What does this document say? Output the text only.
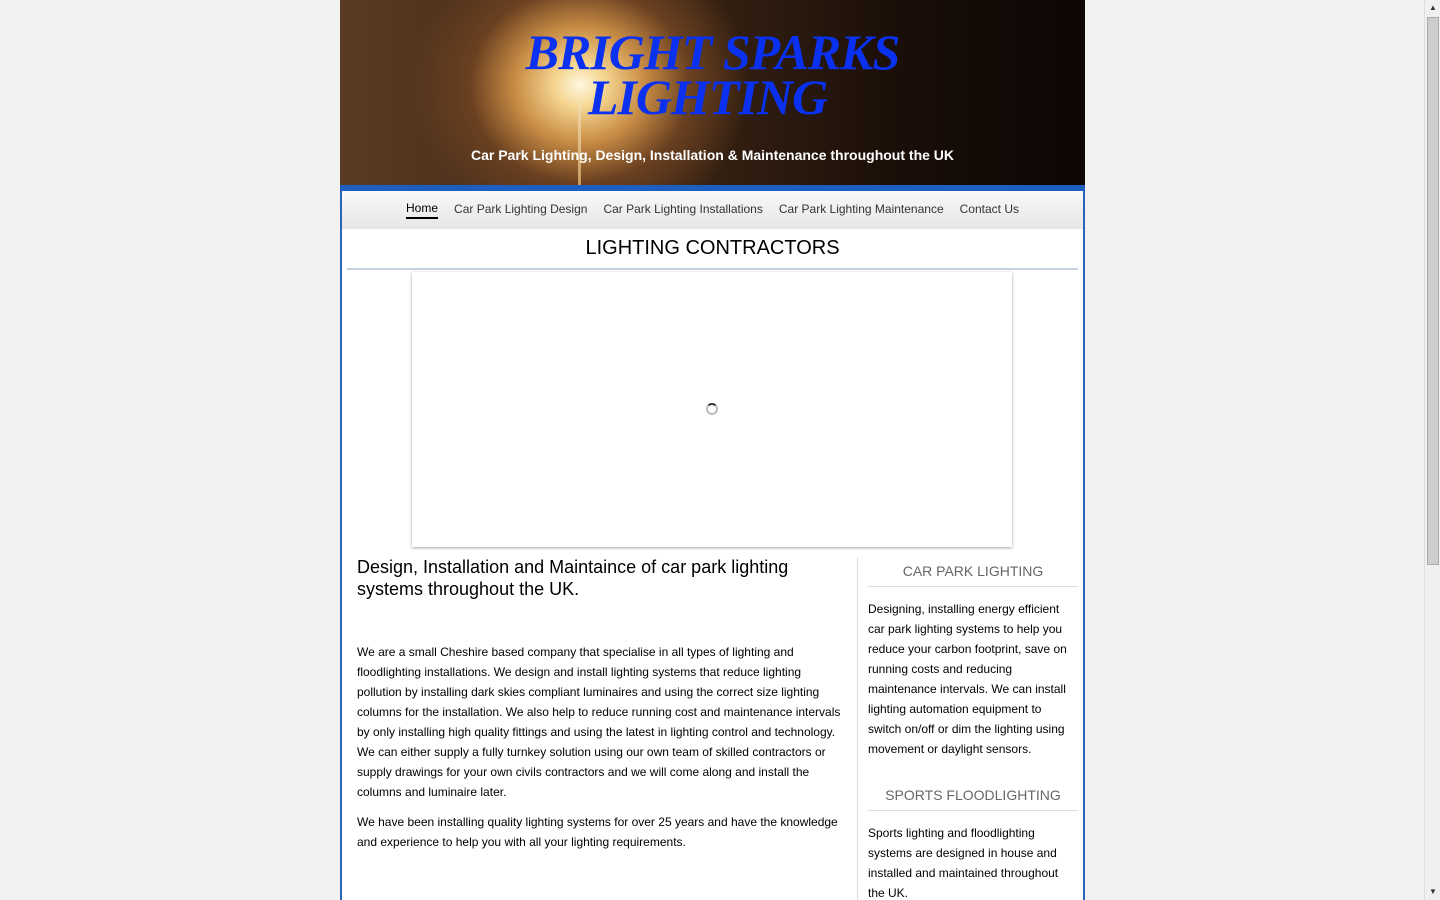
BRIGHT SPARKS
LIGHTING
Car Park Lighting, Design, Installation & Maintenance throughout the UK
Home Car Park Lighting Design Car Park Lighting Installations Car Park Lighting Maintenance Contact Us
LIGHTING CONTRACTORS
Design, Installation and Maintaince of car park lighting systems throughout the UK.

We are a small Cheshire based company that specialise in all types of lighting and floodlighting installations. We design and install lighting systems that reduce lighting pollution by installing dark skies compliant luminaires and using the correct size lighting columns for the installation. We also help to reduce running cost and maintenance intervals by only installing high quality fittings and using the latest in lighting control and technology. We can either supply a fully turnkey solution using our own team of skilled contractors or supply drawings for your own civils contractors and we will come along and install the columns and luminaire later.

We have been installing quality lighting systems for over 25 years and have the knowledge and experience to help you with all your lighting requirements.

CAR PARK LIGHTING
Designing, installing energy efficient car park lighting systems to help you reduce your carbon footprint, save on running costs and reducing maintenance intervals. We can install lighting automation equipment to switch on/off or dim the lighting using movement or daylight sensors.
SPORTS FLOODLIGHTING
Sports lighting and floodlighting systems are designed in house and installed and maintained throughout the UK.
▲
▼
